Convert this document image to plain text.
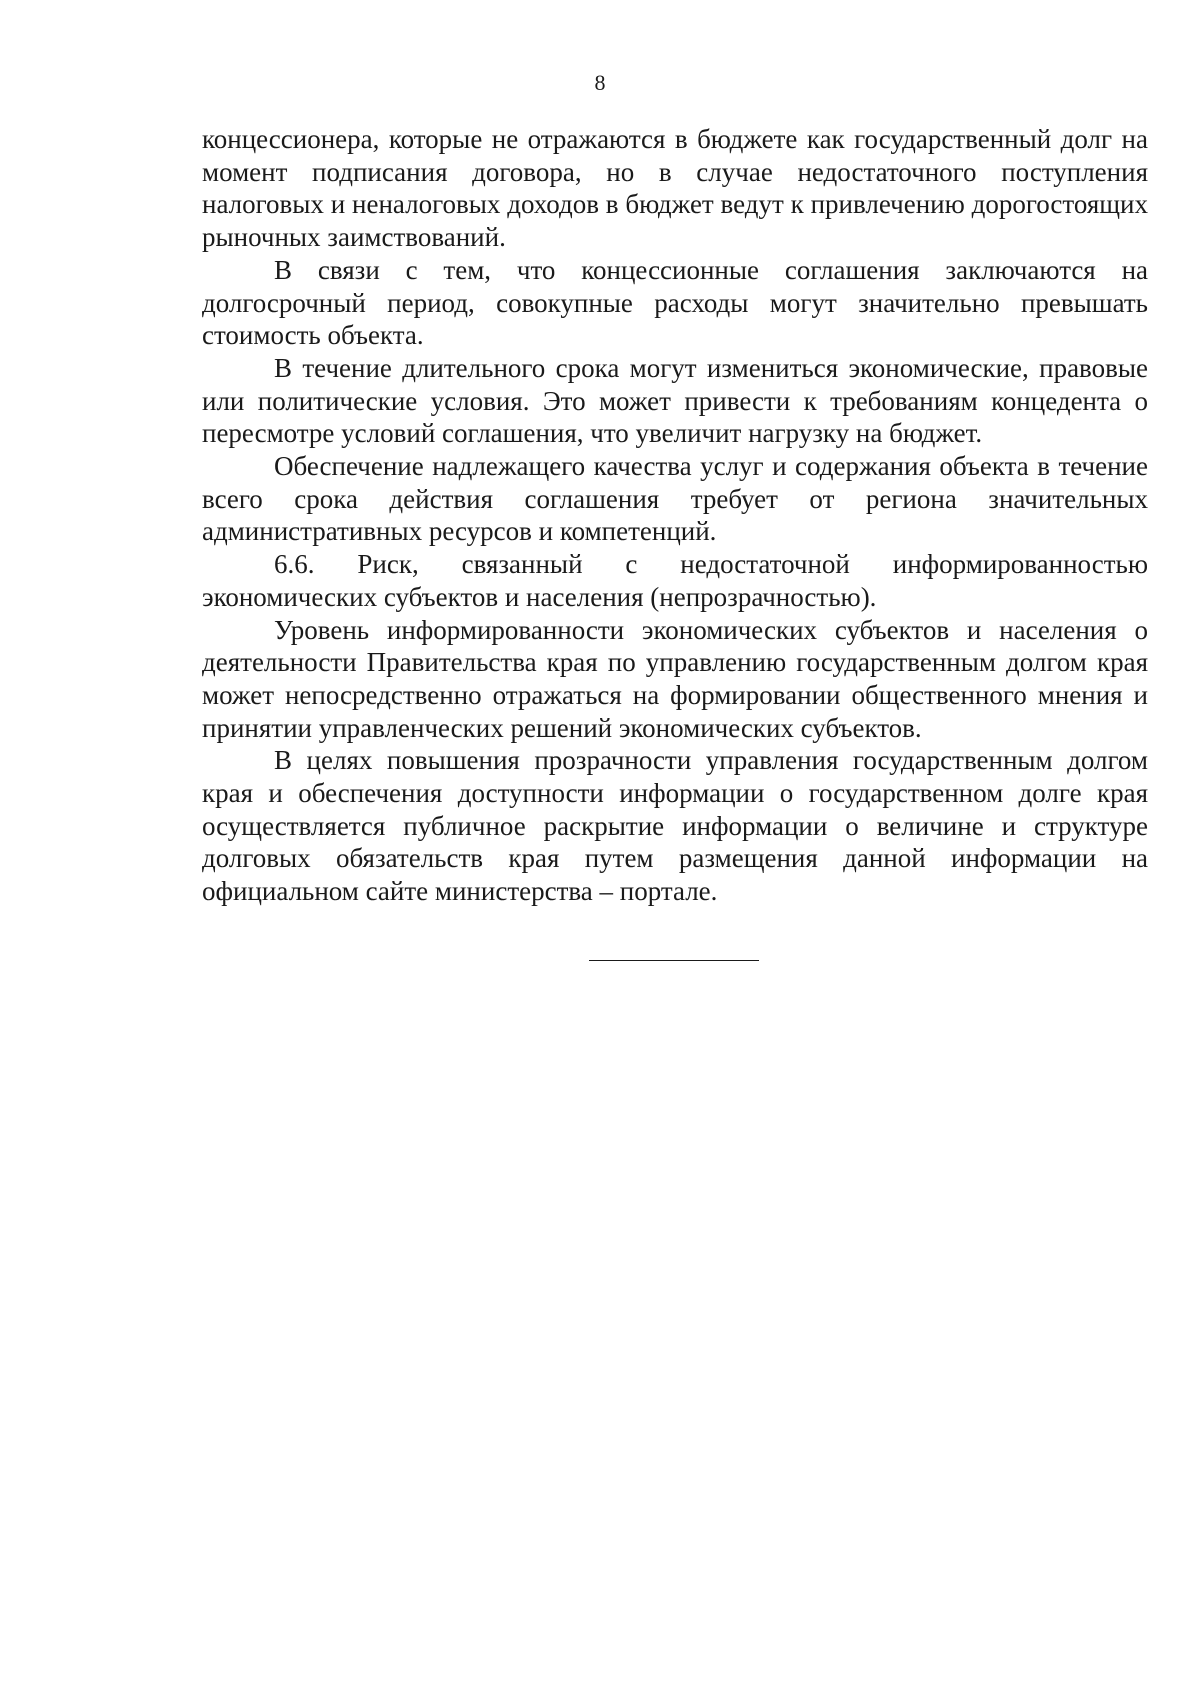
8

концессионера, которые не отражаются в бюджете как государственный долг на момент подписания договора, но в случае недостаточного поступления налоговых и неналоговых доходов в бюджет ведут к привлечению дорогостоящих рыночных заимствований.

В связи с тем, что концессионные соглашения заключаются на долгосрочный период, совокупные расходы могут значительно превышать стоимость объекта.

В течение длительного срока могут измениться экономические, правовые или политические условия. Это может привести к требованиям концедента о пересмотре условий соглашения, что увеличит нагрузку на бюджет.

Обеспечение надлежащего качества услуг и содержания объекта в течение всего срока действия соглашения требует от региона значительных административных ресурсов и компетенций.

6.6. Риск, связанный с недостаточной информированностью экономических субъектов и населения (непрозрачностью).

Уровень информированности экономических субъектов и населения о деятельности Правительства края по управлению государственным долгом края может непосредственно отражаться на формировании общественного мнения и принятии управленческих решений экономических субъектов.

В целях повышения прозрачности управления государственным долгом края и обеспечения доступности информации о государственном долге края осуществляется публичное раскрытие информации о величине и структуре долговых обязательств края путем размещения данной информации на официальном сайте министерства – портале.
